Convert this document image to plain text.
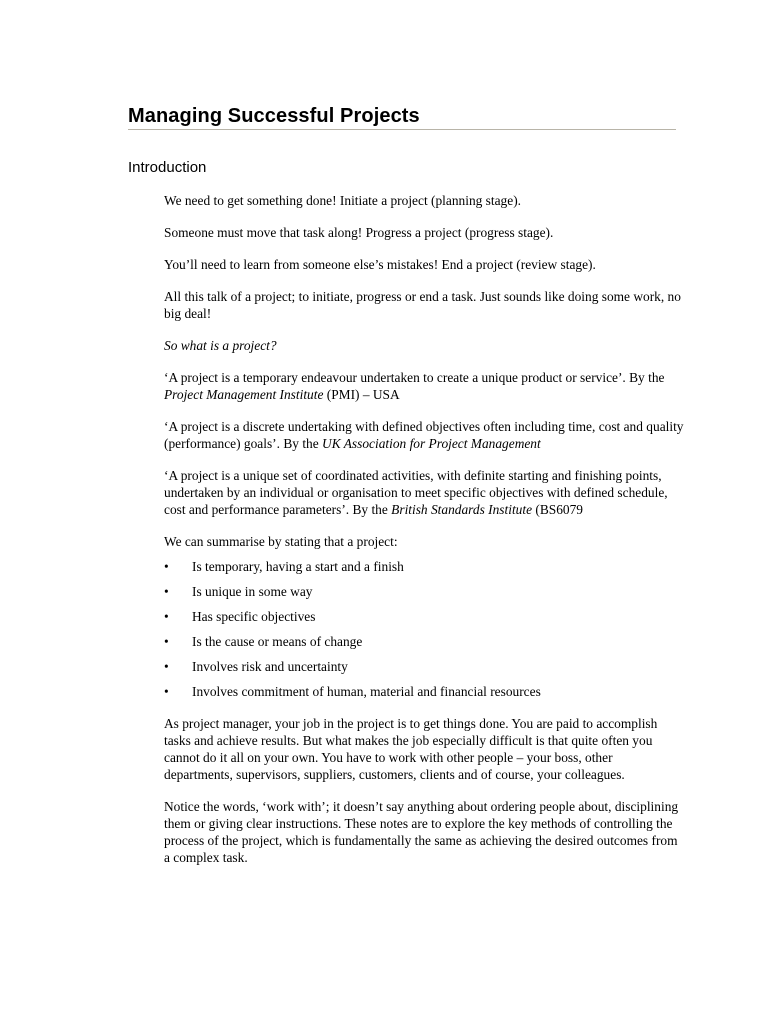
Managing Successful Projects
Introduction

We need to get something done! Initiate a project (planning stage).

Someone must move that task along! Progress a project (progress stage).

You’ll need to learn from someone else’s mistakes! End a project (review stage).

All this talk of a project; to initiate, progress or end a task. Just sounds like doing some work, no big deal!

So what is a project?

‘A project is a temporary endeavour undertaken to create a unique product or service’. By the Project Management Institute (PMI) – USA

‘A project is a discrete undertaking with defined objectives often including time, cost and quality (performance) goals’. By the UK Association for Project Management

‘A project is a unique set of coordinated activities, with definite starting and finishing points, undertaken by an individual or organisation to meet specific objectives with defined schedule, cost and performance parameters’. By the British Standards Institute (BS6079

We can summarise by stating that a project:

• Is temporary, having a start and a finish
• Is unique in some way
• Has specific objectives
• Is the cause or means of change
• Involves risk and uncertainty
• Involves commitment of human, material and financial resources

As project manager, your job in the project is to get things done. You are paid to accomplish tasks and achieve results. But what makes the job especially difficult is that quite often you cannot do it all on your own. You have to work with other people – your boss, other departments, supervisors, suppliers, customers, clients and of course, your colleagues.

Notice the words, ‘work with’; it doesn’t say anything about ordering people about, disciplining them or giving clear instructions. These notes are to explore the key methods of controlling the process of the project, which is fundamentally the same as achieving the desired outcomes from a complex task.
